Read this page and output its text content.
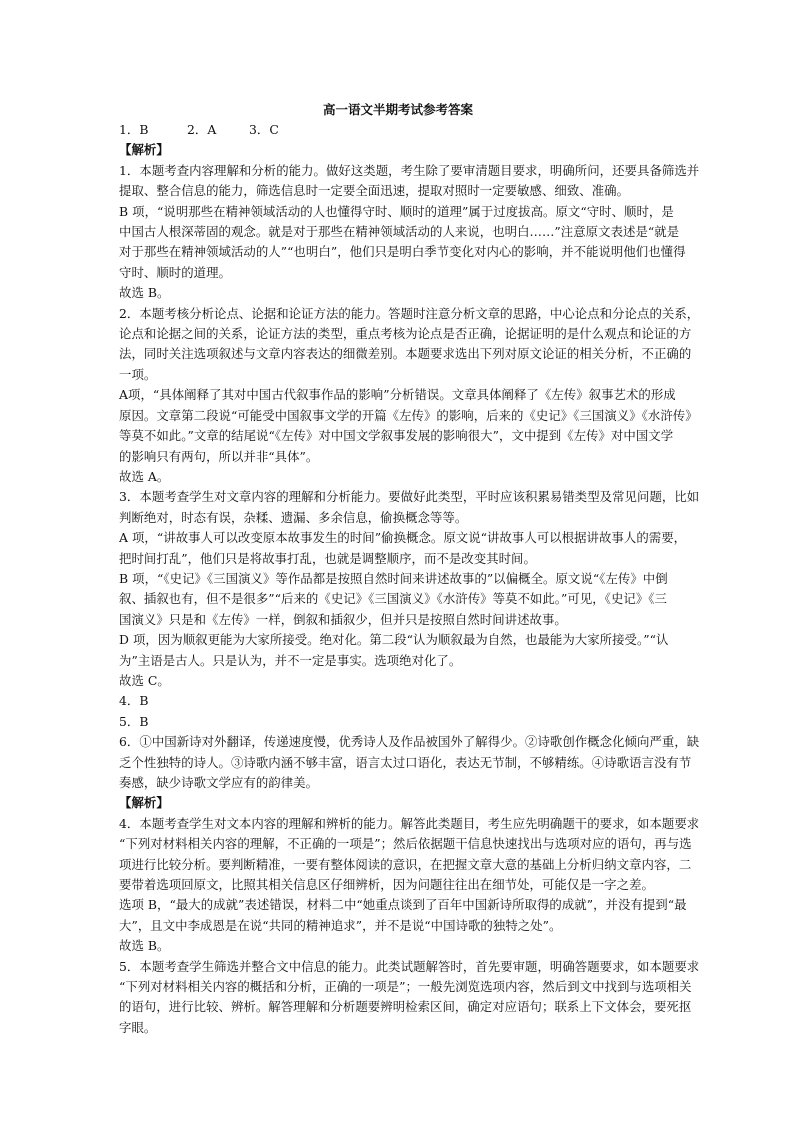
高一语文半期考试参考答案
1．B	2．A	3．C

【解析】

1．本题考查内容理解和分析的能力。做好这类题，考生除了要审清题目要求，明确所问，还要具备筛选并

提取、整合信息的能力，筛选信息时一定要全面迅速，提取对照时一定要敏感、细致、准确。

B 项，“说明那些在精神领域活动的人也懂得守时、顺时的道理”属于过度拔高。原文“守时、顺时，是

中国古人根深蒂固的观念。就是对于那些在精神领域活动的人来说，也明白……”注意原文表述是“就是

对于那些在精神领域活动的人”“也明白”，他们只是明白季节变化对内心的影响，并不能说明他们也懂得

守时、顺时的道理。

故选 B。

2．本题考核分析论点、论据和论证方法的能力。答题时注意分析文章的思路，中心论点和分论点的关系，

论点和论据之间的关系，论证方法的类型，重点考核为论点是否正确，论据证明的是什么观点和论证的方

法，同时关注选项叙述与文章内容表达的细微差别。本题要求选出下列对原文论证的相关分析，不正确的

一项。

A项，“具体阐释了其对中国古代叙事作品的影响”分析错误。文章具体阐释了《左传》叙事艺术的形成

原因。文章第二段说“可能受中国叙事文学的开篇《左传》的影响，后来的《史记》《三国演义》《水浒传》

等莫不如此。”文章的结尾说“《左传》对中国文学叙事发展的影响很大”，文中提到《左传》对中国文学

的影响只有两句，所以并非“具体”。

故选 A。

3．本题考查学生对文章内容的理解和分析能力。要做好此类型，平时应该积累易错类型及常见问题，比如

判断绝对，时态有误，杂糅、遗漏、多余信息，偷换概念等等。

A 项，“讲故事人可以改变原本故事发生的时间”偷换概念。原文说“讲故事人可以根据讲故事人的需要，

把时间打乱”，他们只是将故事打乱，也就是调整顺序，而不是改变其时间。

B 项，“《史记》《三国演义》等作品都是按照自然时间来讲述故事的”以偏概全。原文说“《左传》中倒

叙、插叙也有，但不是很多”“后来的《史记》《三国演义》《水浒传》等莫不如此。”可见，《史记》《三

国演义》只是和《左传》一样，倒叙和插叙少，但并只是按照自然时间讲述故事。

D 项，因为顺叙更能为大家所接受。绝对化。第二段“认为顺叙最为自然，也最能为大家所接受。”“认

为”主语是古人。只是认为，并不一定是事实。选项绝对化了。

故选 C。

4．B

5．B

6．①中国新诗对外翻译，传递速度慢，优秀诗人及作品被国外了解得少。②诗歌创作概念化倾向严重，缺

乏个性独特的诗人。③诗歌内涵不够丰富，语言太过口语化，表达无节制，不够精练。④诗歌语言没有节

奏感，缺少诗歌文学应有的韵律美。

【解析】

4．本题考查学生对文本内容的理解和辨析的能力。解答此类题目，考生应先明确题干的要求，如本题要求

“下列对材料相关内容的理解，不正确的一项是”；然后依据题干信息快速找出与选项对应的语句，再与选

项进行比较分析。要判断精准，一要有整体阅读的意识，在把握文章大意的基础上分析归纳文章内容，二

要带着选项回原文，比照其相关信息区仔细辨析，因为问题往往出在细节处，可能仅是一字之差。

选项 B，“最大的成就”表述错误，材料二中“她重点谈到了百年中国新诗所取得的成就”，并没有提到“最

大”，且文中李成恩是在说“共同的精神追求”，并不是说“中国诗歌的独特之处”。

故选 B。

5．本题考查学生筛选并整合文中信息的能力。此类试题解答时，首先要审题，明确答题要求，如本题要求

“下列对材料相关内容的概括和分析，正确的一项是”；一般先浏览选项内容，然后到文中找到与选项相关

的语句，进行比较、辨析。解答理解和分析题要辨明检索区间，确定对应语句；联系上下文体会，要死抠

字眼。
